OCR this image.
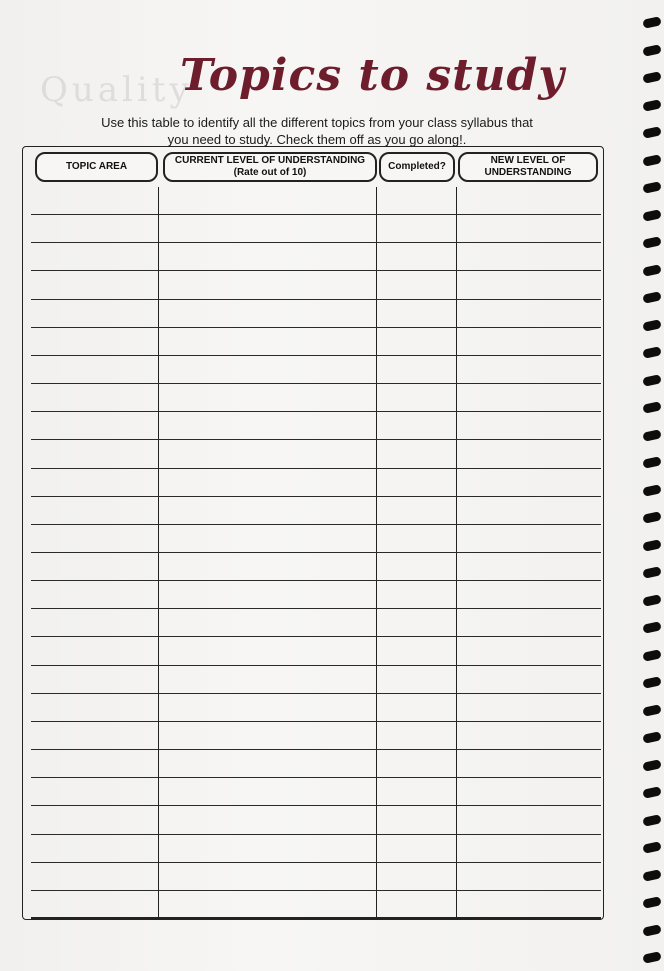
Quality
Topics to study
Use this table to identify all the different topics from your class syllabus that
you need to study. Check them off as you go along!.
TOPIC AREA
CURRENT LEVEL OF UNDERSTANDING (Rate out of 10)
Completed?
NEW LEVEL OF UNDERSTANDING
